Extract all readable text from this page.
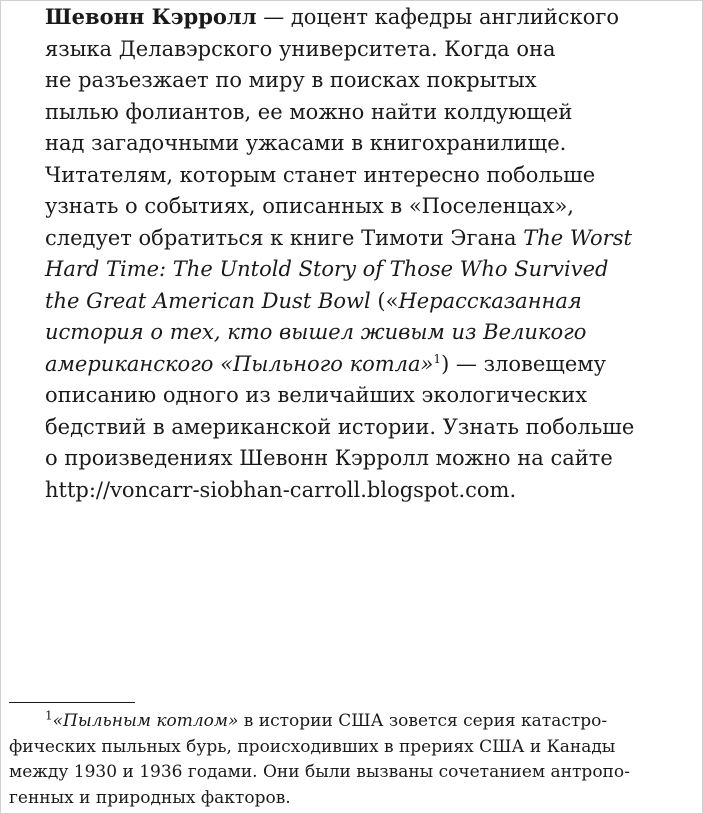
Шевонн Кэрролл — доцент кафедры английского
языка Делавэрского университета. Когда она
не разъезжает по миру в поисках покрытых
пылью фолиантов, ее можно найти колдующей
над загадочными ужасами в книгохранилище.
Читателям, которым станет интересно побольше
узнать о событиях, описанных в «Поселенцах»,
следует обратиться к книге Тимоти Эгана The Worst
Hard Time: The Untold Story of Those Who Survived
the Great American Dust Bowl («Нерассказанная
история о тех, кто вышел живым из Великого
американского «Пыльного котла»$^1$) — зловещему
описанию одного из величайших экологических
бедствий в американской истории. Узнать побольше
о произведениях Шевонн Кэрролл можно на сайте
http://voncarr-siobhan-carroll.blogspot.com.

$^1$«Пыльным котлом» в истории США зовется серия катастро-
фических пыльных бурь, происходивших в прериях США и Канады
между 1930 и 1936 годами. Они были вызваны сочетанием антропо-
генных и природных факторов.
